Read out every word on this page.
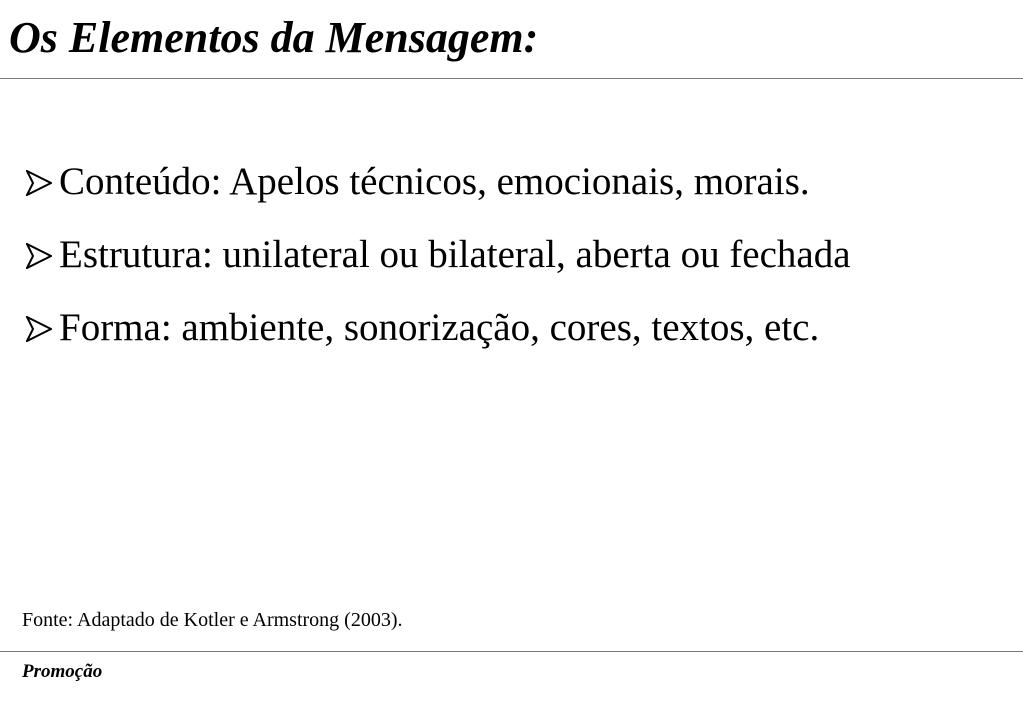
Os Elementos da Mensagem:
Conteúdo: Apelos técnicos, emocionais, morais.
Estrutura: unilateral ou bilateral, aberta ou fechada
Forma: ambiente, sonorização, cores, textos, etc.
Fonte: Adaptado de Kotler e Armstrong (2003).
Promoção
